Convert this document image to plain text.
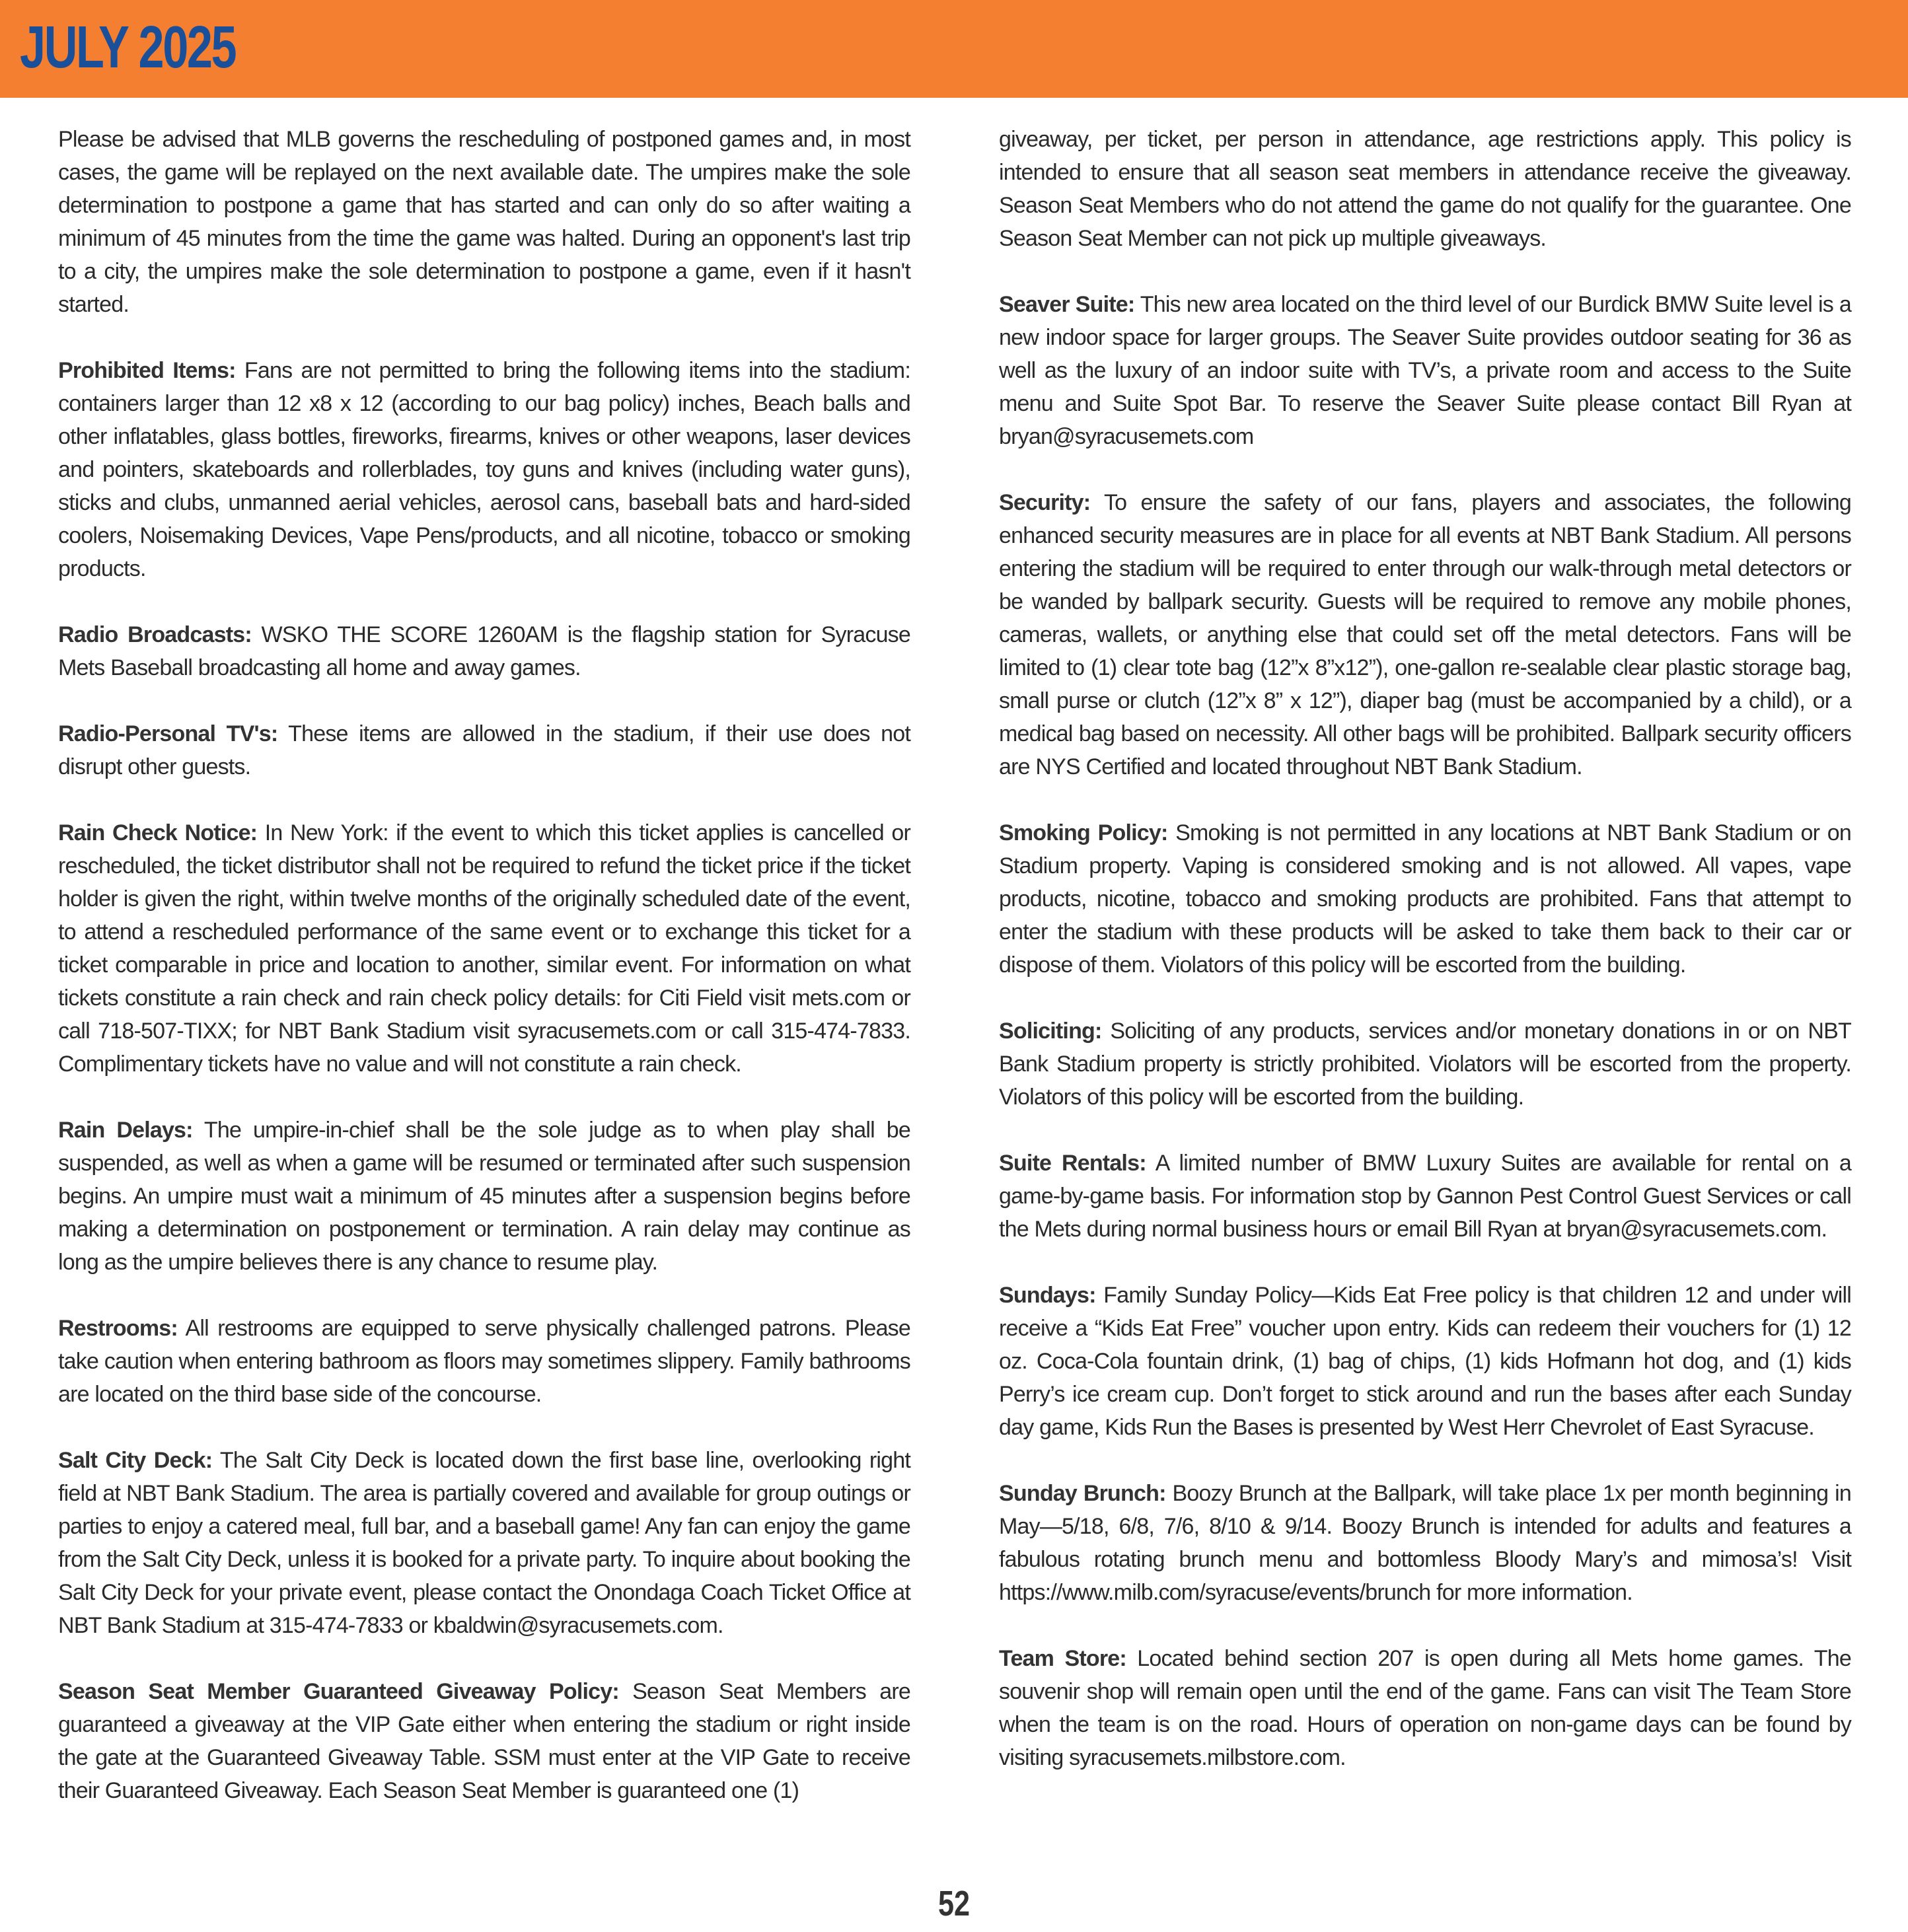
JULY 2025

Please be advised that MLB governs the rescheduling of postponed games and, in most cases, the game will be replayed on the next available date. The umpires make the sole determination to postpone a game that has started and can only do so after waiting a minimum of 45 minutes from the time the game was halted. During an opponent's last trip to a city, the umpires make the sole determination to postpone a game, even if it hasn't started.

Prohibited Items: Fans are not permitted to bring the following items into the stadium: containers larger than 12 x8 x 12 (according to our bag policy) inches, Beach balls and other inflatables, glass bottles, fireworks, firearms, knives or other weapons, laser devices and pointers, skateboards and rollerblades, toy guns and knives (including water guns), sticks and clubs, unmanned aerial vehicles, aerosol cans, baseball bats and hard-sided coolers, Noisemaking Devices, Vape Pens/products, and all nicotine, tobacco or smoking products.

Radio Broadcasts: WSKO THE SCORE 1260AM is the flagship station for Syracuse Mets Baseball broadcasting all home and away games.

Radio-Personal TV's: These items are allowed in the stadium, if their use does not disrupt other guests.

Rain Check Notice: In New York: if the event to which this ticket applies is cancelled or rescheduled, the ticket distributor shall not be required to refund the ticket price if the ticket holder is given the right, within twelve months of the originally scheduled date of the event, to attend a rescheduled performance of the same event or to exchange this ticket for a ticket comparable in price and location to another, similar event. For information on what tickets constitute a rain check and rain check policy details: for Citi Field visit mets.com or call 718-507-TIXX; for NBT Bank Stadium visit syracusemets.com or call 315-474-7833. Complimentary tickets have no value and will not constitute a rain check.

Rain Delays: The umpire-in-chief shall be the sole judge as to when play shall be suspended, as well as when a game will be resumed or terminated after such suspension begins. An umpire must wait a minimum of 45 minutes after a suspension begins before making a determination on postponement or termination. A rain delay may continue as long as the umpire believes there is any chance to resume play.

Restrooms: All restrooms are equipped to serve physically challenged patrons. Please take caution when entering bathroom as floors may sometimes slippery. Family bathrooms are located on the third base side of the concourse.

Salt City Deck: The Salt City Deck is located down the first base line, overlooking right field at NBT Bank Stadium. The area is partially covered and available for group outings or parties to enjoy a catered meal, full bar, and a baseball game! Any fan can enjoy the game from the Salt City Deck, unless it is booked for a private party. To inquire about booking the Salt City Deck for your private event, please contact the Onondaga Coach Ticket Office at NBT Bank Stadium at 315-474-7833 or kbaldwin@syracusemets.com.

Season Seat Member Guaranteed Giveaway Policy: Season Seat Members are guaranteed a giveaway at the VIP Gate either when entering the stadium or right inside the gate at the Guaranteed Giveaway Table. SSM must enter at the VIP Gate to receive their Guaranteed Giveaway. Each Season Seat Member is guaranteed one (1)

giveaway, per ticket, per person in attendance, age restrictions apply. This policy is intended to ensure that all season seat members in attendance receive the giveaway. Season Seat Members who do not attend the game do not qualify for the guarantee. One Season Seat Member can not pick up multiple giveaways.

Seaver Suite: This new area located on the third level of our Burdick BMW Suite level is a new indoor space for larger groups. The Seaver Suite provides outdoor seating for 36 as well as the luxury of an indoor suite with TV’s, a private room and access to the Suite menu and Suite Spot Bar. To reserve the Seaver Suite please contact Bill Ryan at bryan@syracusemets.com

Security: To ensure the safety of our fans, players and associates, the following enhanced security measures are in place for all events at NBT Bank Stadium. All persons entering the stadium will be required to enter through our walk-through metal detectors or be wanded by ballpark security. Guests will be required to remove any mobile phones, cameras, wallets, or anything else that could set off the metal detectors. Fans will be limited to (1) clear tote bag (12”x 8”x12”), one-gallon re-sealable clear plastic storage bag, small purse or clutch (12”x 8” x 12”), diaper bag (must be accompanied by a child), or a medical bag based on necessity. All other bags will be prohibited. Ballpark security officers are NYS Certified and located throughout NBT Bank Stadium.

Smoking Policy: Smoking is not permitted in any locations at NBT Bank Stadium or on Stadium property. Vaping is considered smoking and is not allowed. All vapes, vape products, nicotine, tobacco and smoking products are prohibited. Fans that attempt to enter the stadium with these products will be asked to take them back to their car or dispose of them. Violators of this policy will be escorted from the building.

Soliciting: Soliciting of any products, services and/or monetary donations in or on NBT Bank Stadium property is strictly prohibited. Violators will be escorted from the property. Violators of this policy will be escorted from the building.

Suite Rentals: A limited number of BMW Luxury Suites are available for rental on a game-by-game basis. For information stop by Gannon Pest Control Guest Services or call the Mets during normal business hours or email Bill Ryan at bryan@syracusemets.com.

Sundays: Family Sunday Policy—Kids Eat Free policy is that children 12 and under will receive a “Kids Eat Free” voucher upon entry. Kids can redeem their vouchers for (1) 12 oz. Coca-Cola fountain drink, (1) bag of chips, (1) kids Hofmann hot dog, and (1) kids Perry’s ice cream cup. Don’t forget to stick around and run the bases after each Sunday day game, Kids Run the Bases is presented by West Herr Chevrolet of East Syracuse.

Sunday Brunch: Boozy Brunch at the Ballpark, will take place 1x per month beginning in May—5/18, 6/8, 7/6, 8/10 & 9/14. Boozy Brunch is intended for adults and features a fabulous rotating brunch menu and bottomless Bloody Mary’s and mimosa’s! Visit https://www.milb.com/syracuse/events/brunch for more information.

Team Store: Located behind section 207 is open during all Mets home games. The souvenir shop will remain open until the end of the game. Fans can visit The Team Store when the team is on the road. Hours of operation on non-game days can be found by visiting syracusemets.milbstore.com.

52
